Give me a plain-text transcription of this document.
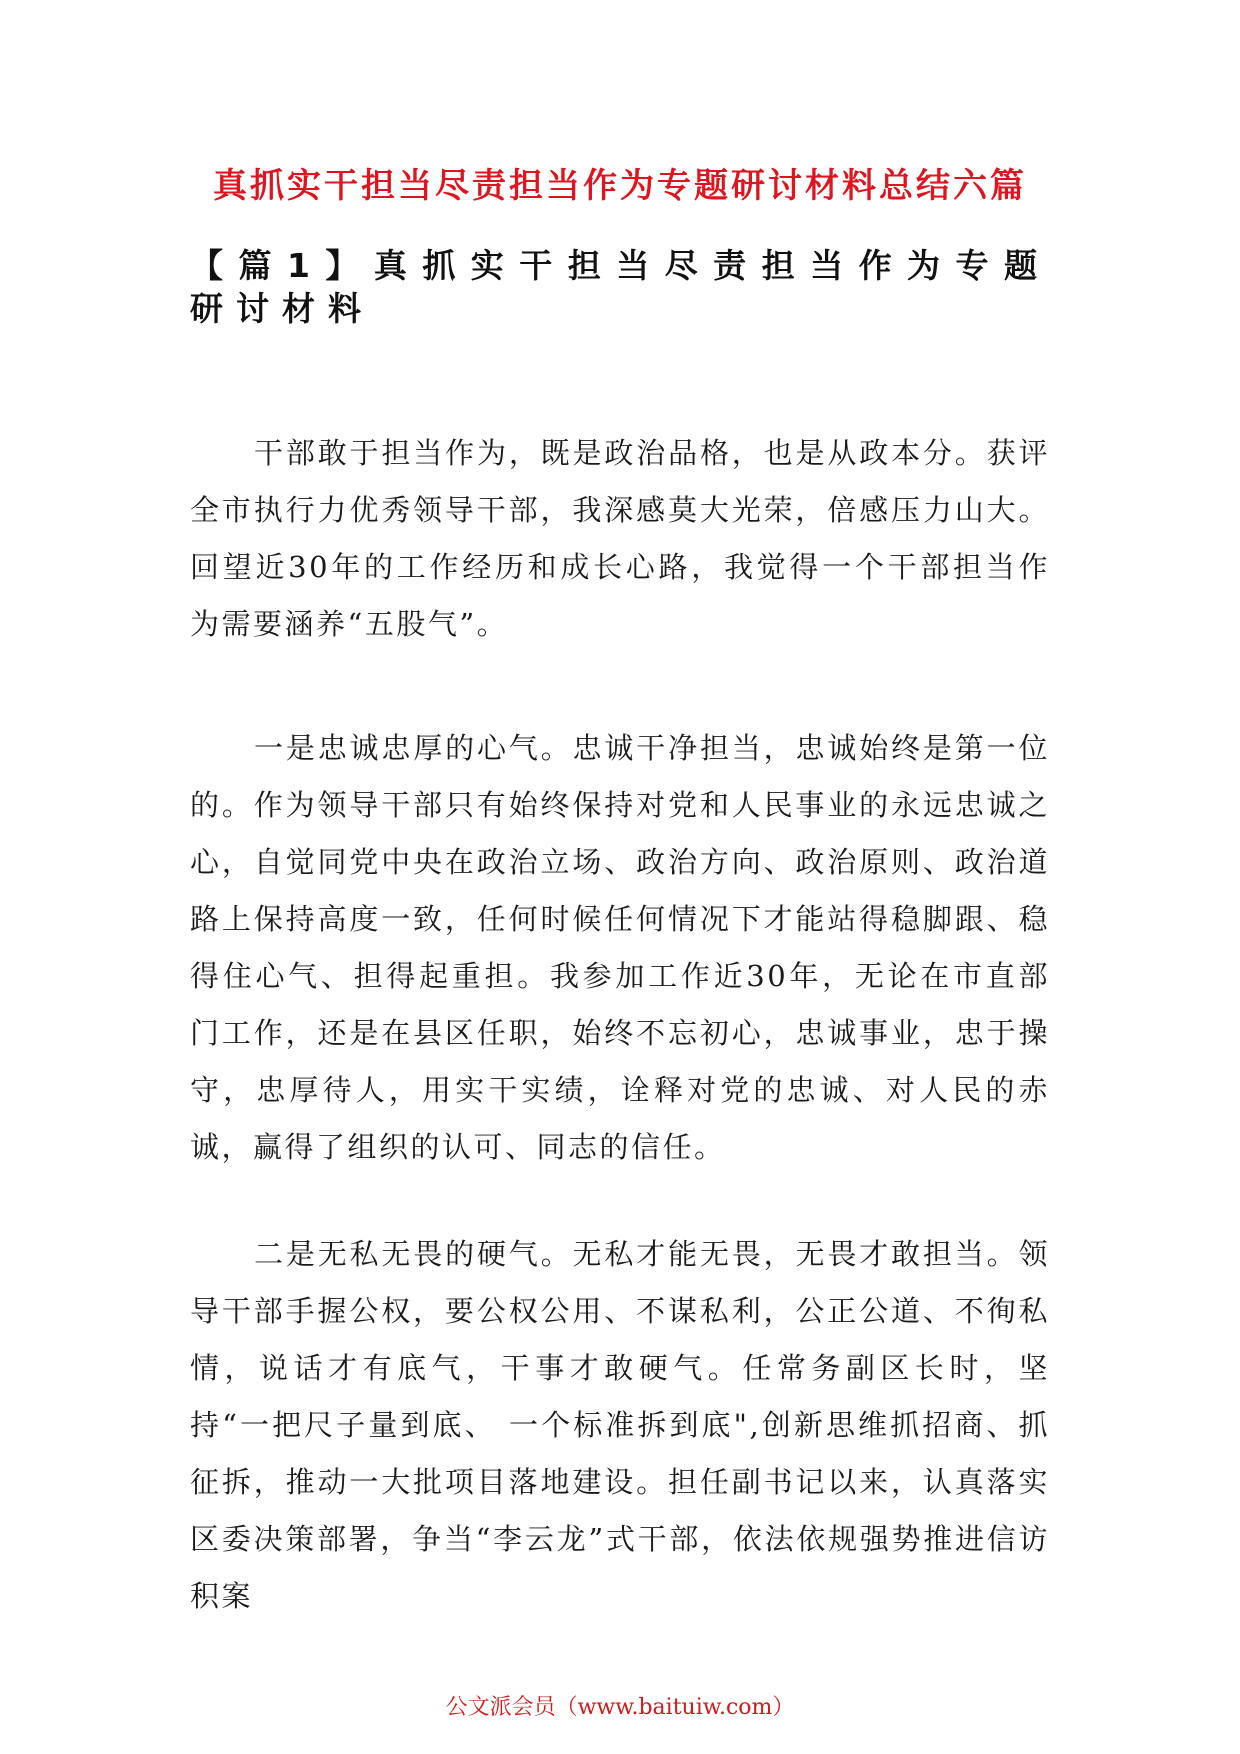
真抓实干担当尽责担当作为专题研讨材料总结六篇
【篇1】真抓实干担当尽责担当作为专题研讨材料

干部敢于担当作为，既是政治品格，也是从政本分。获评全市执行力优秀领导干部，我深感莫大光荣，倍感压力山大。回望近30年的工作经历和成长心路，我觉得一个干部担当作为需要涵养“五股气”。

一是忠诚忠厚的心气。忠诚干净担当，忠诚始终是第一位的。作为领导干部只有始终保持对党和人民事业的永远忠诚之心，自觉同党中央在政治立场、政治方向、政治原则、政治道路上保持高度一致，任何时候任何情况下才能站得稳脚跟、稳得住心气、担得起重担。我参加工作近30年，无论在市直部门工作，还是在县区任职，始终不忘初心，忠诚事业，忠于操守，忠厚待人，用实干实绩，诠释对党的忠诚、对人民的赤诚，赢得了组织的认可、同志的信任。

二是无私无畏的硬气。无私才能无畏，无畏才敢担当。领导干部手握公权，要公权公用、不谋私利，公正公道、不徇私情，说话才有底气，干事才敢硬气。任常务副区长时，坚持“一把尺子量到底、 一个标准拆到底",创新思维抓招商、抓征拆，推动一大批项目落地建设。担任副书记以来，认真落实区委决策部署，争当“李云龙”式干部，依法依规强势推进信访积案

公文派会员（www.baituiw.com）
